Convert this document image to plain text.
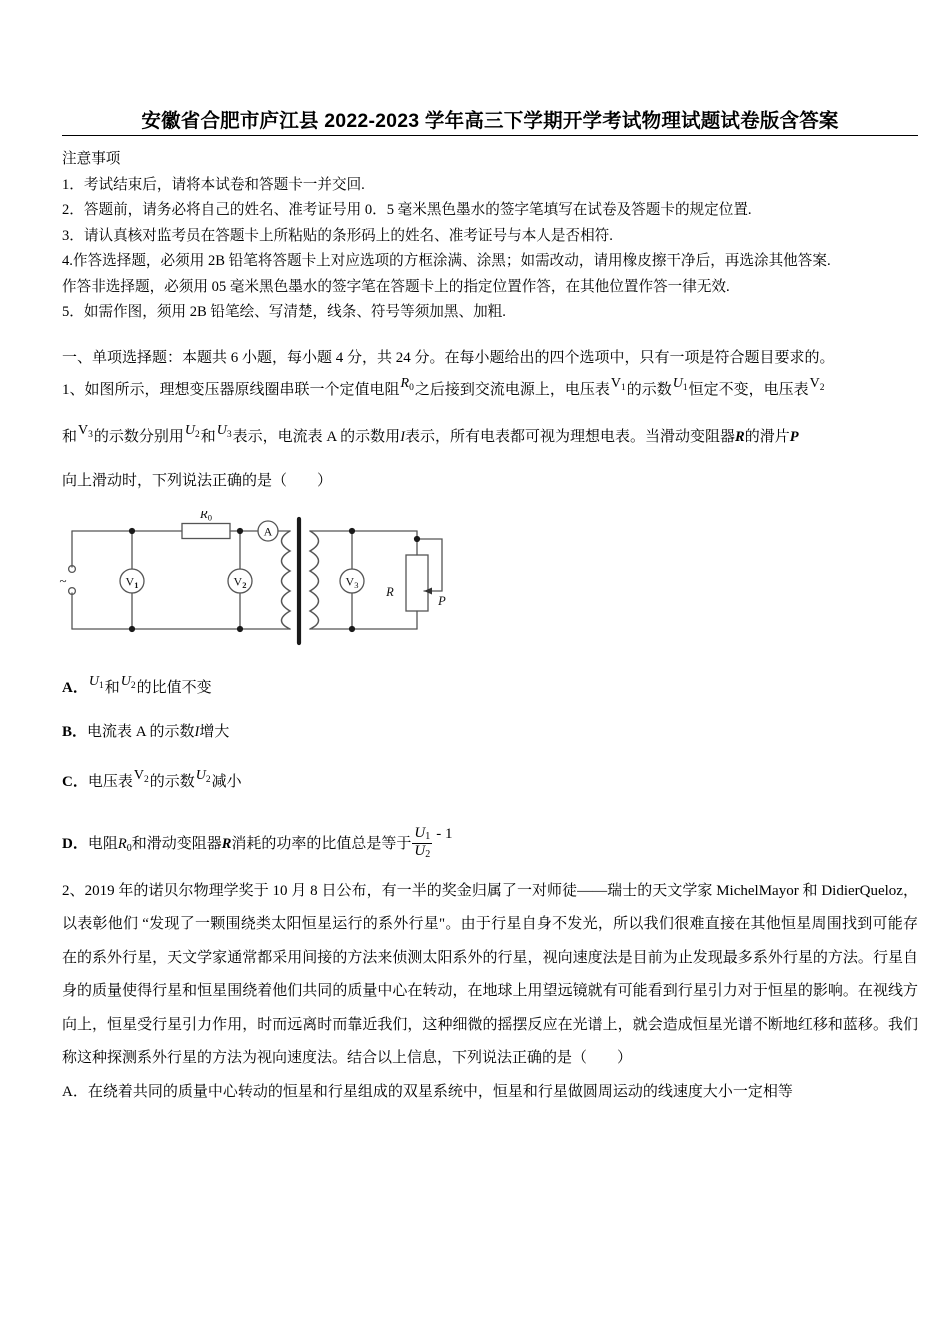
安徽省合肥市庐江县 2022-2023 学年高三下学期开学考试物理试题试卷版含答案
注意事项
1．考试结束后，请将本试卷和答题卡一并交回.
2．答题前，请务必将自己的姓名、准考证号用 0．5 毫米黑色墨水的签字笔填写在试卷及答题卡的规定位置.
3．请认真核对监考员在答题卡上所粘贴的条形码上的姓名、准考证号与本人是否相符.
4.作答选择题，必须用 2B 铅笔将答题卡上对应选项的方框涂满、涂黑；如需改动，请用橡皮擦干净后，再选涂其他答案.
作答非选择题，必须用 05 毫米黑色墨水的签字笔在答题卡上的指定位置作答，在其他位置作答一律无效.
5．如需作图，须用 2B 铅笔绘、写清楚，线条、符号等须加黑、加粗.
一、单项选择题：本题共 6 小题，每小题 4 分，共 24 分。在每小题给出的四个选项中，只有一项是符合题目要求的。
1、如图所示，理想变压器原线圈串联一个定值电阻$R_0$之后接到交流电源上，电压表$V_1$的示数$U_1$恒定不变，电压表$V_2$
和$V_3$的示数分别用$U_2$和$U_3$表示，电流表 A 的示数用I表示，所有电表都可视为理想电表。当滑动变阻器R的滑片P
向上滑动时，下列说法正确的是（　　）
$R_0$
A
$V_1$	$V_2$	$V_3$ R
P
~
A．$U_1$和$U_2$的比值不变
B．电流表 A 的示数I增大
C．电压表$V_2$的示数$U_2$减小
D．电阻$R_0$和滑动变阻器R消耗的功率的比值总是等于 $\frac{U1}{U2} - 1$
2、2019 年的诺贝尔物理学奖于 10 月 8 日公布，有一半的奖金归属了一对师徒——瑞士的天文学家 MichelMayor 和 DidierQueloz，以表彰他们 “发现了一颗围绕类太阳恒星运行的系外行星"。由于行星自身不发光，所以我们很难直接在其他恒星周围找到可能存在的系外行星，天文学家通常都采用间接的方法来侦测太阳系外的行星，视向速度法是目前为止发现最多系外行星的方法。行星自身的质量使得行星和恒星围绕着他们共同的质量中心在转动，在地球上用望远镜就有可能看到行星引力对于恒星的影响。在视线方向上，恒星受行星引力作用，时而远离时而靠近我们，这种细微的摇摆反应在光谱上，就会造成恒星光谱不断地红移和蓝移。我们称这种探测系外行星的方法为视向速度法。结合以上信息，下列说法正确的是（　　）
A．在绕着共同的质量中心转动的恒星和行星组成的双星系统中，恒星和行星做圆周运动的线速度大小一定相等
